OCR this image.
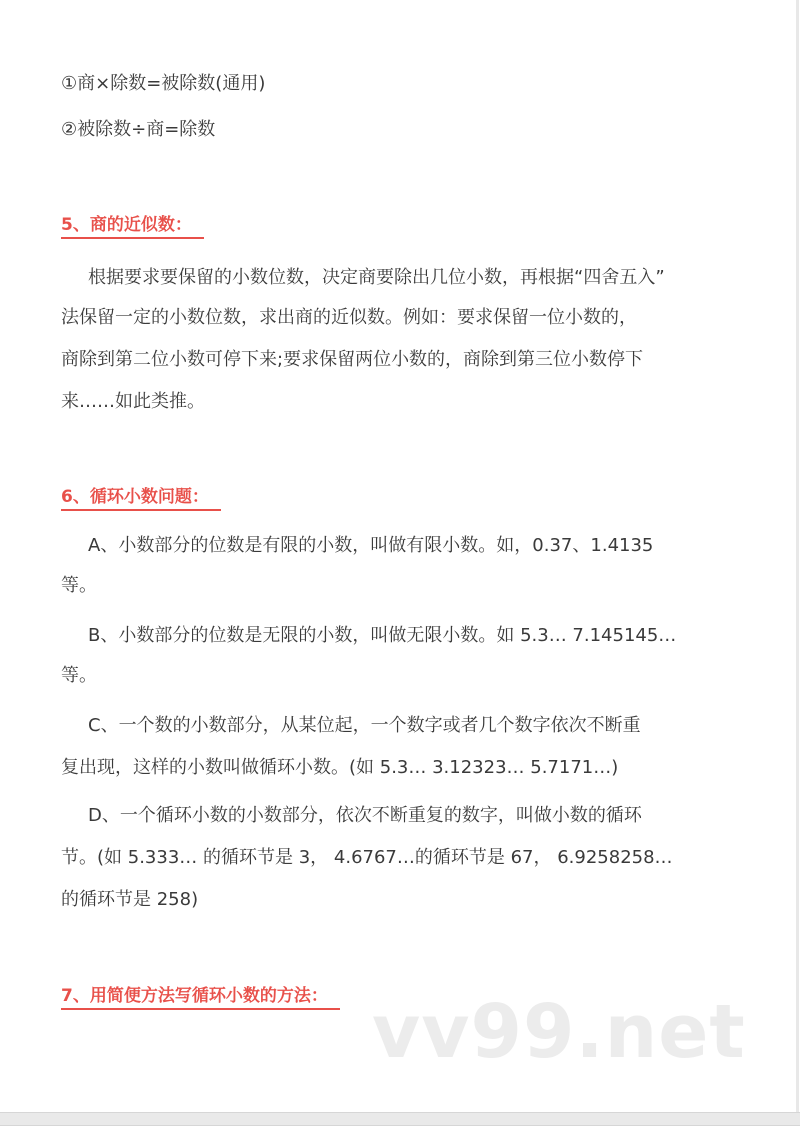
①商×除数=被除数(通用)
②被除数÷商=除数
5、商的近似数：
根据要求要保留的小数位数，决定商要除出几位小数，再根据“四舍五入”
法保留一定的小数位数，求出商的近似数。例如：要求保留一位小数的，
商除到第二位小数可停下来;要求保留两位小数的，商除到第三位小数停下
来……如此类推。
6、循环小数问题：
A、小数部分的位数是有限的小数，叫做有限小数。如，0.37、1.4135
等。
B、小数部分的位数是无限的小数，叫做无限小数。如 5.3… 7.145145…
等。
C、一个数的小数部分，从某位起，一个数字或者几个数字依次不断重
复出现，这样的小数叫做循环小数。(如 5.3… 3.12323… 5.7171…)
D、一个循环小数的小数部分，依次不断重复的数字，叫做小数的循环
节。(如 5.333… 的循环节是 3， 4.6767…的循环节是 67， 6.9258258…
的循环节是 258)
7、用简便方法写循环小数的方法： vv99.net
